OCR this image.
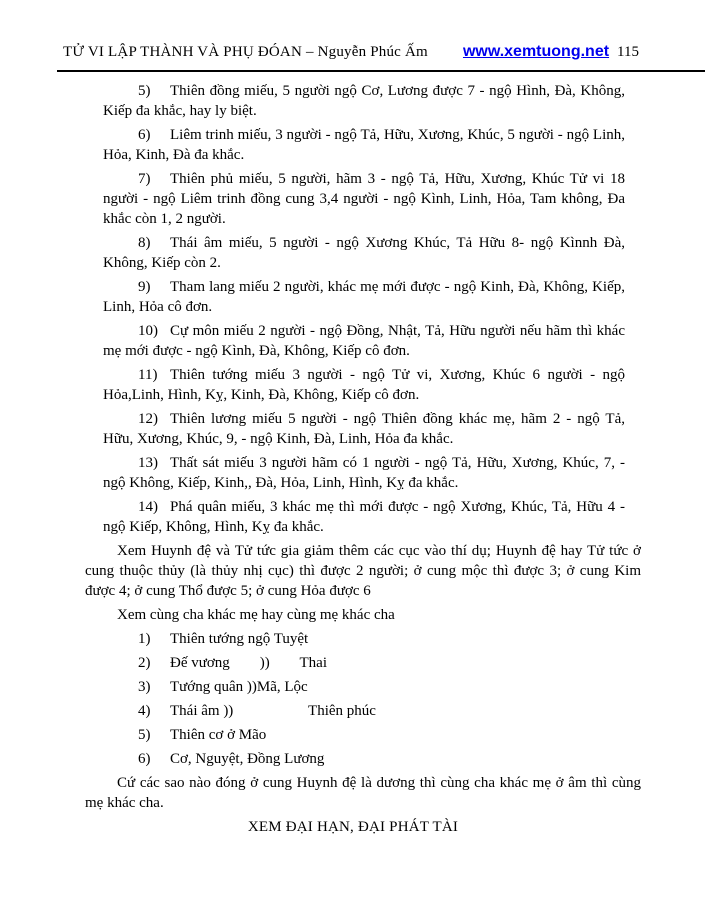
TỬ VI LẬP THÀNH VÀ PHỤ ĐÓAN – Nguyễn Phúc Ấm www.xemtuong.net 115

5) Thiên đồng miếu, 5 người ngộ Cơ, Lương được 7 - ngộ Hình, Đà, Không, Kiếp đa khắc, hay ly biệt.

6) Liêm trinh miếu, 3 người - ngộ Tả, Hữu, Xương, Khúc, 5 người - ngộ Linh, Hỏa, Kinh, Đà đa khắc.

7) Thiên phủ miếu, 5 người, hãm 3 - ngộ Tả, Hữu, Xương, Khúc Tử vi 18 người - ngộ Liêm trinh đồng cung 3,4 người - ngộ Kình, Linh, Hỏa, Tam không, Đa khắc còn 1, 2 người.

8) Thái âm miếu, 5 người - ngộ Xương Khúc, Tả Hữu 8- ngộ Kìnnh Đà, Không, Kiếp còn 2.

9) Tham lang miếu 2 người, khác mẹ mới được - ngộ Kinh, Đà, Không, Kiếp, Linh, Hỏa cô đơn.

10) Cự môn miếu 2 người - ngộ Đồng, Nhật, Tả, Hữu người nếu hãm thì khác mẹ mới được - ngộ Kình, Đà, Không, Kiếp cô đơn.

11) Thiên tướng miếu 3 người - ngộ Tử vi, Xương, Khúc 6 người - ngộ Hỏa,Linh, Hình, Kỵ, Kinh, Đà, Không, Kiếp cô đơn.

12) Thiên lương miếu 5 người - ngộ Thiên đồng khác mẹ, hãm 2 - ngộ Tả, Hữu, Xương, Khúc, 9, - ngộ Kinh, Đà, Linh, Hỏa đa khắc.

13) Thất sát miếu 3 người hãm có 1 người - ngộ Tả, Hữu, Xương, Khúc, 7, - ngộ Không, Kiếp, Kinh,, Đà, Hỏa, Linh, Hình, Kỵ đa khắc.

14) Phá quân miếu, 3 khác mẹ thì mới được - ngộ Xương, Khúc, Tả, Hữu 4 - ngộ Kiếp, Không, Hình, Kỵ đa khắc.

Xem Huynh đệ và Tử tức gia giảm thêm các cục vào thí dụ; Huynh đệ hay Tử tức ở cung thuộc thủy (là thủy nhị cục) thì được 2 người; ở cung mộc thì được 3; ở cung Kim được 4; ở cung Thổ được 5; ở cung Hỏa được 6

Xem cùng cha khác mẹ hay cùng mẹ khác cha

1) Thiên tướng ngộ Tuyệt

2) Đế vương        ))        Thai

3) Tướng quân ))Mã, Lộc

4) Thái âm ))                    Thiên phúc

5) Thiên cơ ở Mão

6) Cơ, Nguyệt, Đồng Lương

Cứ các sao nào đóng ở cung Huynh đệ là dương thì cùng cha khác mẹ ở âm thì cùng mẹ khác cha.

XEM ĐẠI HẠN, ĐẠI PHÁT TÀI
